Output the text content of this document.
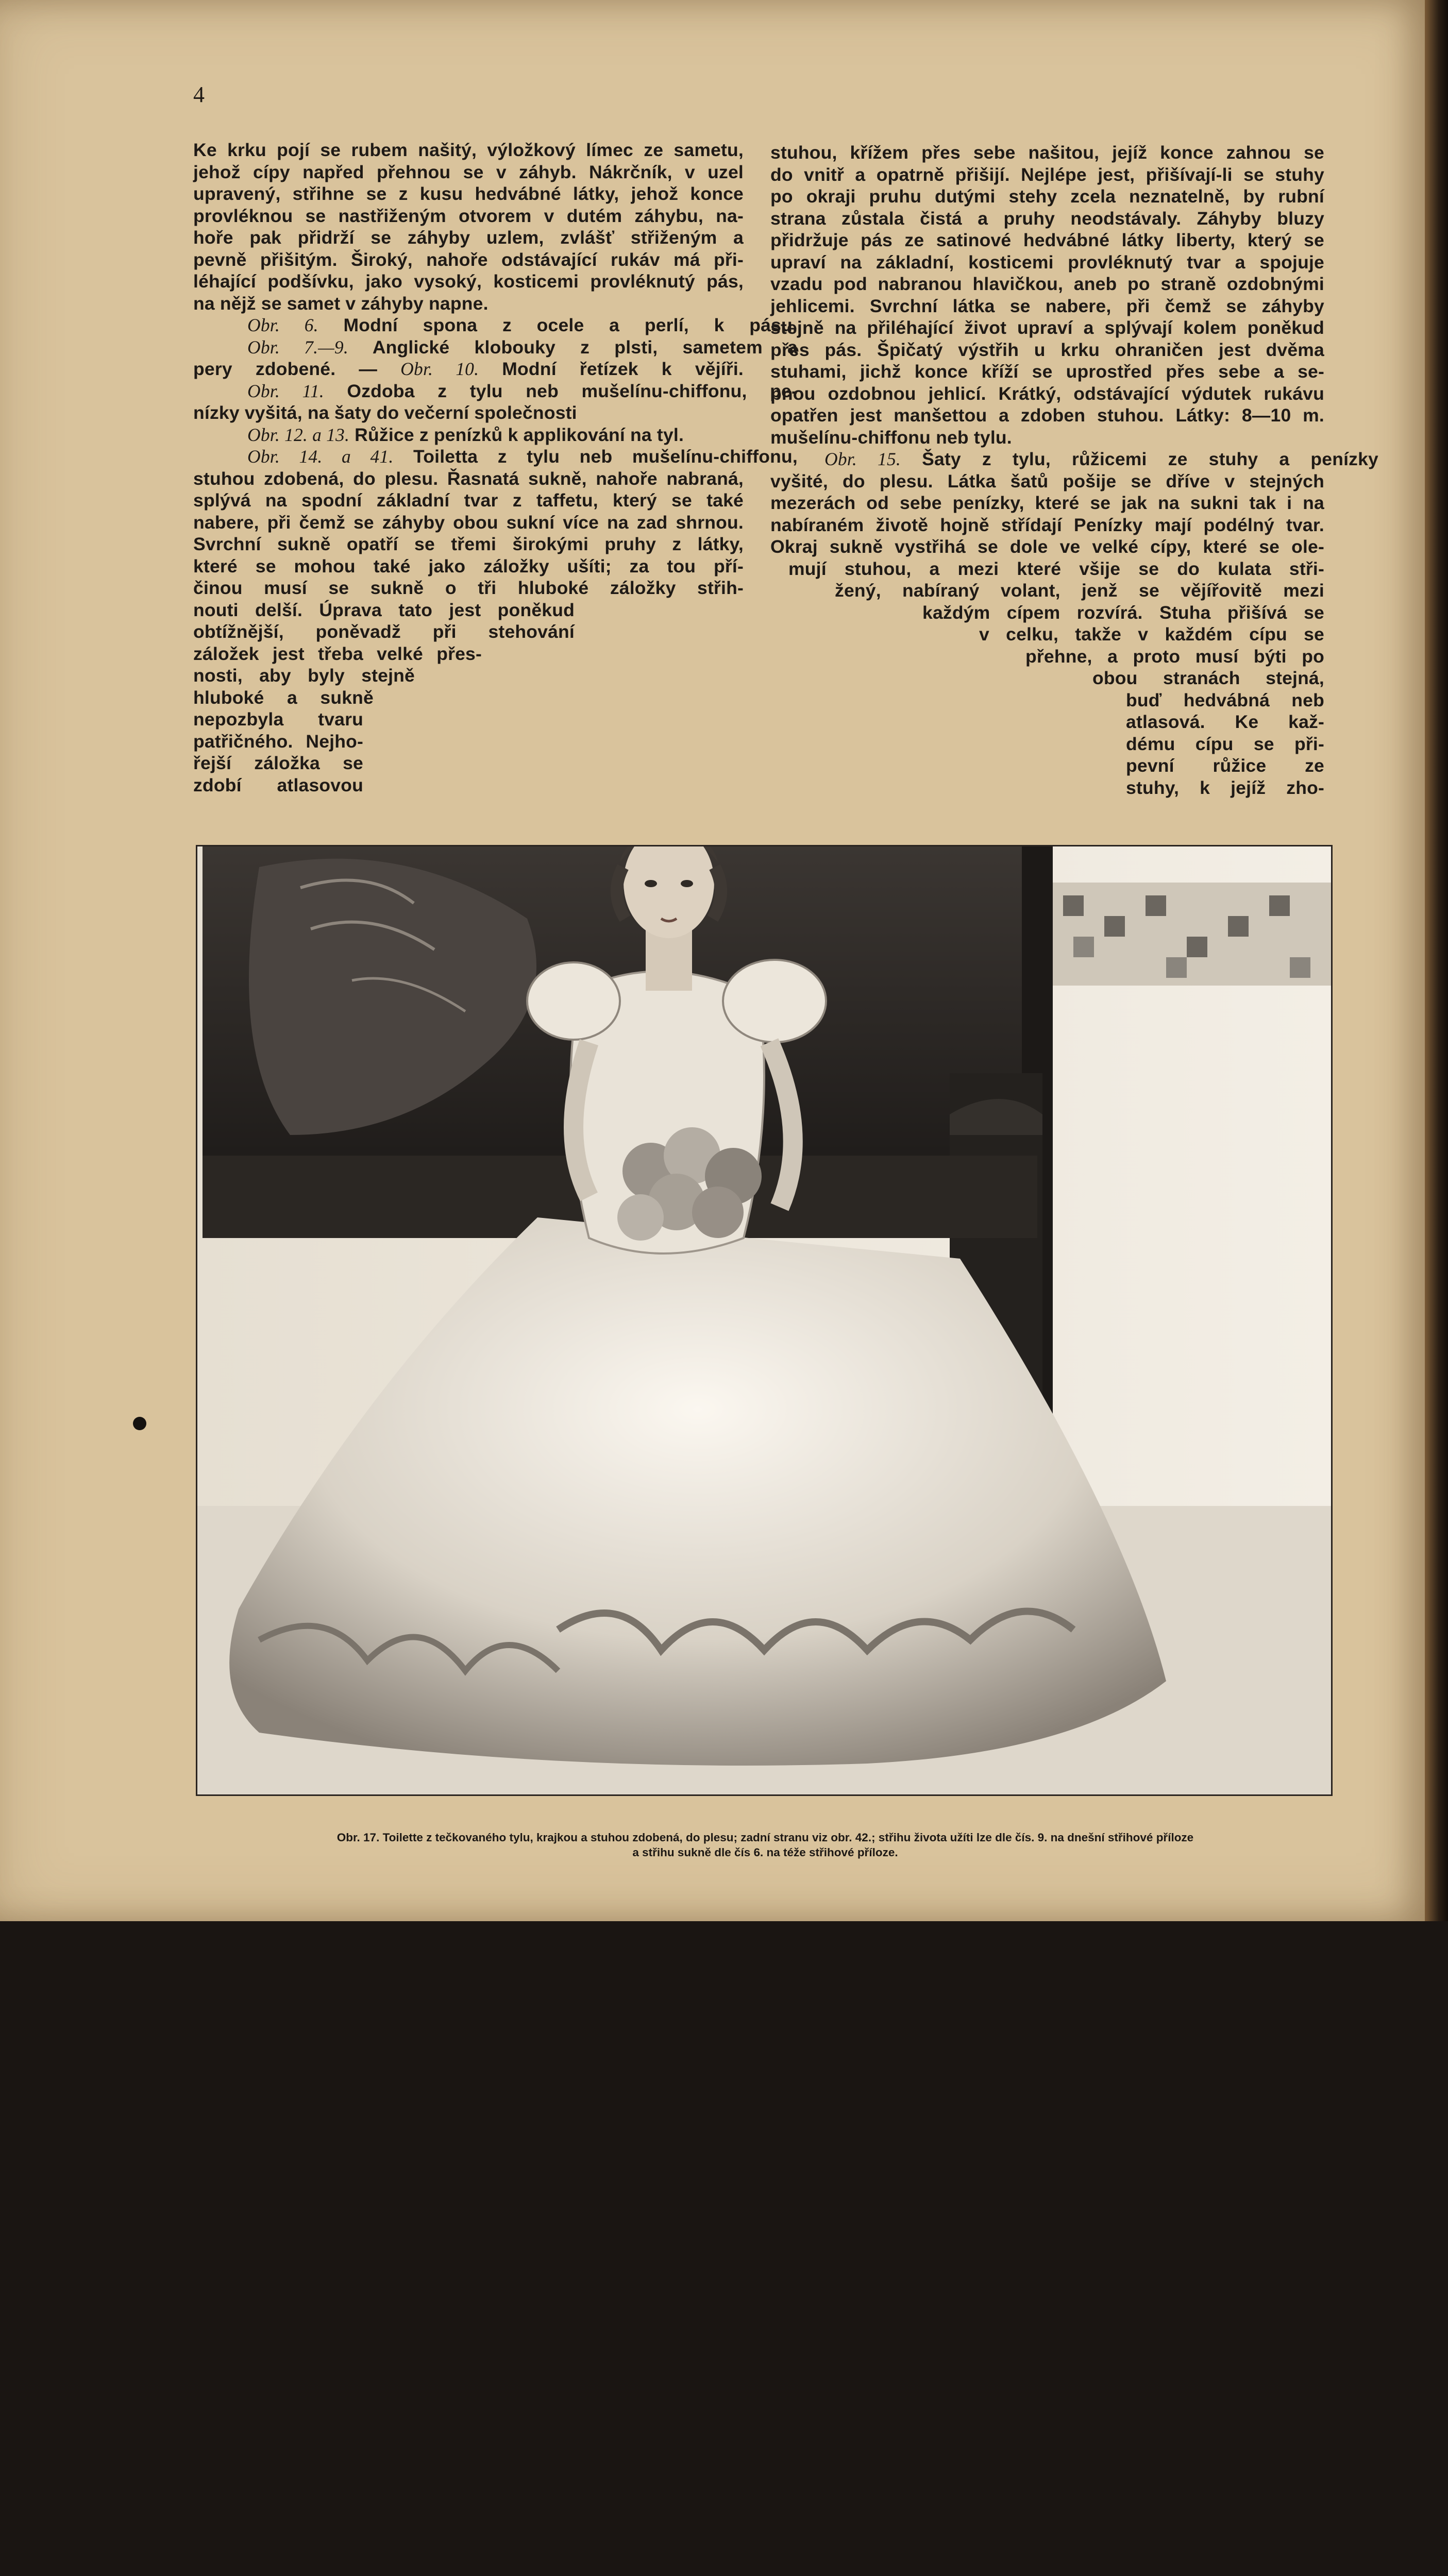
4
Ke krku pojí se rubem našitý, výložkový límec ze sametu,
jehož cípy napřed přehnou se v záhyb. Nákrčník, v uzel
upravený, střihne se z kusu hedvábné látky, jehož konce
provléknou se nastřiženým otvorem v dutém záhybu, na-
hoře pak přidrží se záhyby uzlem, zvlášť střiženým a
pevně přišitým. Široký, nahoře odstávající rukáv má při-
léhající podšívku, jako vysoký, kosticemi provléknutý pás,
na nějž se samet v záhyby napne.
Obr. 6. Modní spona z ocele a perlí, k pásu.
Obr. 7.—9. Anglické klobouky z plsti, sametem a
pery zdobené. — Obr. 10. Modní řetízek k vějíři.
Obr. 11. Ozdoba z tylu neb mušelínu-chiffonu, pe-
nízky vyšitá, na šaty do večerní společnosti
Obr. 12. a 13. Růžice z penízků k applikování na tyl.
Obr. 14. a 41. Toiletta z tylu neb mušelínu-chiffonu,
stuhou zdobená, do plesu. Řasnatá sukně, nahoře nabraná,
splývá na spodní základní tvar z taffetu, který se také
nabere, při čemž se záhyby obou sukní více na zad shrnou.
Svrchní sukně opatří se třemi širokými pruhy z látky,
které se mohou také jako záložky ušíti; za tou pří-
činou musí se sukně o tři hluboké záložky střih-
nouti delší. Úprava tato jest poněkud
obtížnější, poněvadž při stehování
záložek jest třeba velké přes-
nosti, aby byly stejně
hluboké a sukně
nepozbyla tvaru
patřičného. Nejho-
řejší záložka se
zdobí atlasovou
stuhou, křížem přes sebe našitou, jejíž konce zahnou se
do vnitř a opatrně přišijí. Nejlépe jest, přišívají-li se stuhy
po okraji pruhu dutými stehy zcela neznatelně, by rubní
strana zůstala čistá a pruhy neodstávaly. Záhyby bluzy
přidržuje pás ze satinové hedvábné látky liberty, který se
upraví na základní, kosticemi provléknutý tvar a spojuje
vzadu pod nabranou hlavičkou, aneb po straně ozdobnými
jehlicemi. Svrchní látka se nabere, při čemž se záhyby
stejně na přiléhající život upraví a splývají kolem poněkud
přes pás. Špičatý výstřih u krku ohraničen jest dvěma
stuhami, jichž konce kříží se uprostřed přes sebe a se-
pnou ozdobnou jehlicí. Krátký, odstávající výdutek rukávu
opatřen jest manšettou a zdoben stuhou. Látky: 8—10 m.
mušelínu-chiffonu neb tylu.
Obr. 15. Šaty z tylu, růžicemi ze stuhy a penízky
vyšité, do plesu. Látka šatů pošije se dříve v stejných
mezerách od sebe penízky, které se jak na sukni tak i na
nabíraném životě hojně střídají Penízky mají podélný tvar.
Okraj sukně vystřihá se dole ve velké cípy, které se ole-
mují stuhou, a mezi které všije se do kulata stři-
žený, nabíraný volant, jenž se vějířovitě mezi
každým cípem rozvírá. Stuha přišívá se
v celku, takže v každém cípu se
přehne, a proto musí býti po
obou stranách stejná,
buď hedvábná neb
atlasová. Ke kaž-
dému cípu se při-
pevní růžice ze
stuhy, k jejíž zho-
Obr. 17. Toilette z tečkovaného tylu, krajkou a stuhou zdobená, do plesu; zadní stranu viz obr. 42.; střihu života užíti lze dle čís. 9. na dnešní střihové příloze
a střihu sukně dle čís 6. na téže střihové příloze.
